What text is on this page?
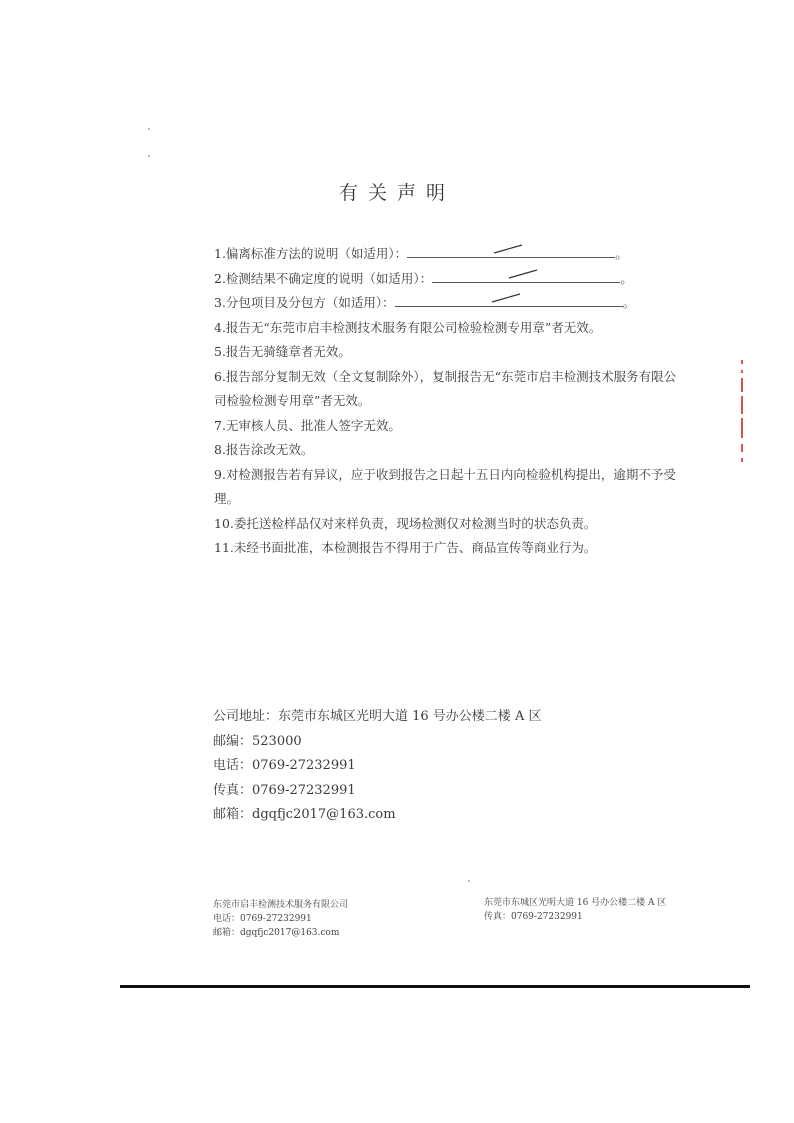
有关声明
1.偏离标准方法的说明（如适用）：	。
2.检测结果不确定度的说明（如适用）：	。
3.分包项目及分包方（如适用）：	。
4.报告无“东莞市启丰检测技术服务有限公司检验检测专用章”者无效。
5.报告无骑缝章者无效。
6.报告部分复制无效（全文复制除外），复制报告无“东莞市启丰检测技术服务有限公
司检验检测专用章”者无效。
7.无审核人员、批准人签字无效。
8.报告涂改无效。
9.对检测报告若有异议，应于收到报告之日起十五日内向检验机构提出，逾期不予受
理。
10.委托送检样品仅对来样负责，现场检测仅对检测当时的状态负责。
11.未经书面批准，本检测报告不得用于广告、商品宣传等商业行为。
公司地址：东莞市东城区光明大道 16 号办公楼二楼 A 区
邮编：523000
电话：0769-27232991
传真：0769-27232991
邮箱：dgqfjc2017@163.com
东莞市启丰检测技术服务有限公司
电话：0769-27232991
邮箱：dgqfjc2017@163.com
东莞市东城区光明大道 16 号办公楼二楼 A 区
传真：0769-27232991
